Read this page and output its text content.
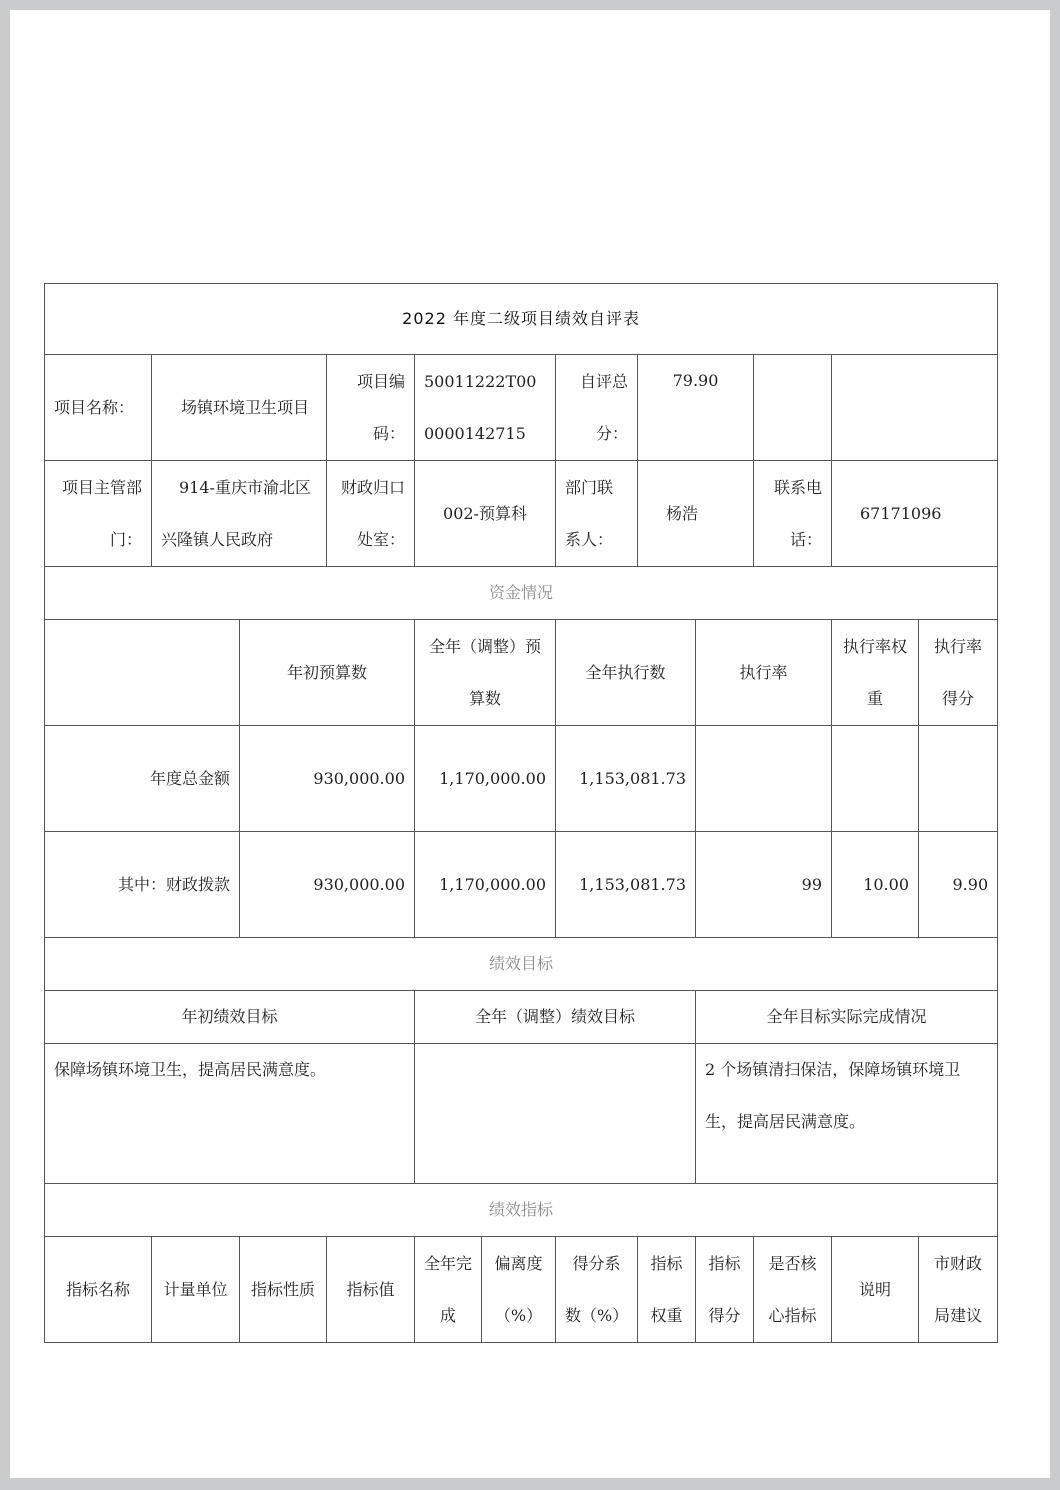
2022 年度二级项目绩效自评表											
项目名称：	场镇环境卫生项目		项目编码：	50011222T000000142715		自评总分：	79.90				
项目主管部门：	914-重庆市渝北区兴隆镇人民政府		财政归口处室：	002-预算科		部门联系人：	杨浩		联系电话：	67171096	
资金情况											
		年初预算数		全年（调整）预算数		全年执行数		执行率		执行率权重	执行率得分
年度总金额		930,000.00		1,170,000.00		1,153,081.73					
其中：财政拨款		930,000.00		1,170,000.00		1,153,081.73		99		10.00	9.90
绩效目标											
年初绩效目标				全年（调整）绩效目标				全年目标实际完成情况			
保障场镇环境卫生，提高居民满意度。								2 个场镇清扫保洁，保障场镇环境卫生，提高居民满意度。			
绩效指标											
指标名称	计量单位	指标性质	指标值	全年完成	偏离度（%）	得分系数（%）	指标权重	指标得分	是否核心指标	说明	市财政局建议
